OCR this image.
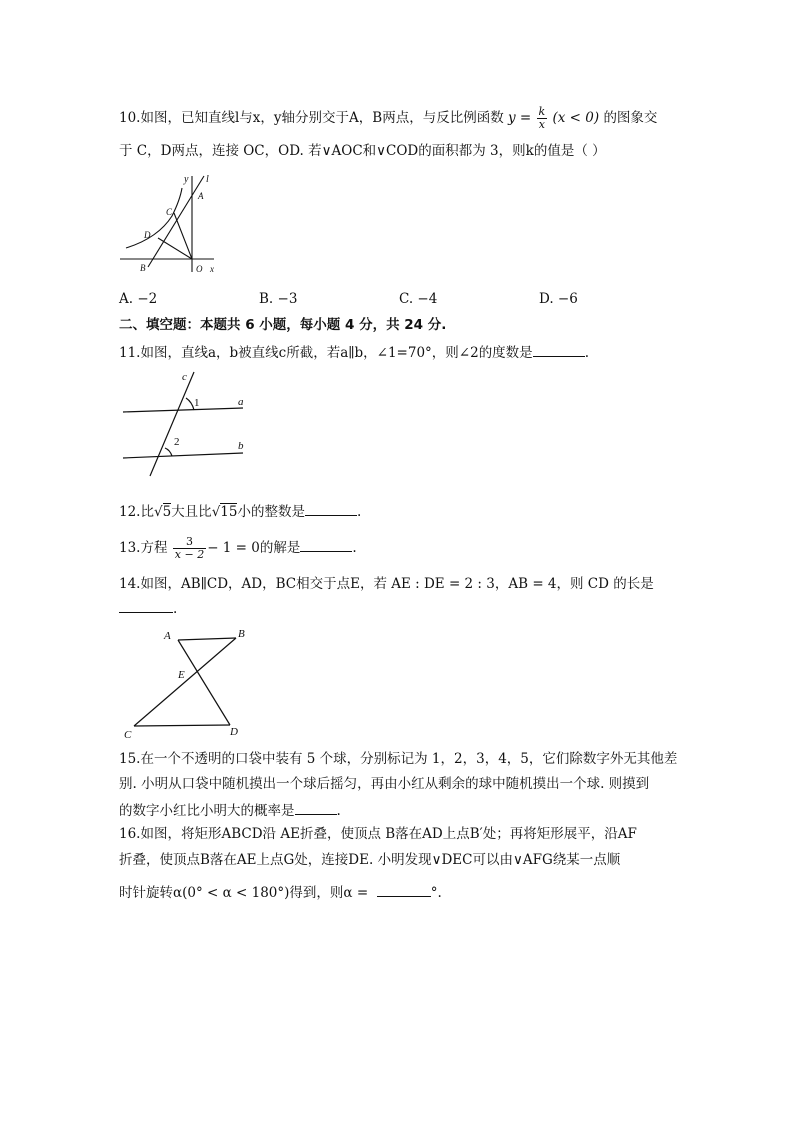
10.如图，已知直线l与x，y轴分别交于A，B两点，与反比例函数 $y = \frac{k}{x} (x < 0)$ 的图象交
于 C，D两点，连接 OC，OD. 若∨AOC和∨COD的面积都为 3，则k的值是（ ）
y l
A
C
D
B	O x
A. −2	B. −3	C. −4	D. −6
二、填空题：本题共 6 小题，每小题 4 分，共 24 分.
11.如图，直线a，b被直线c所截，若a∥b，∠1=70°，则∠2的度数是	.
c
1	a
2	b
12.比√5大且比√15小的整数是	.
13.方程 $\frac{3}{x - 2} - 1 = 0$的解是	.
14.如图，AB∥CD，AD，BC相交于点E，若 AE : DE = 2 : 3，AB = 4，则 CD 的长是
.
A	B
E
C	D
15.在一个不透明的口袋中装有 5 个球，分别标记为 1，2，3，4，5，它们除数字外无其他差
别. 小明从口袋中随机摸出一个球后摇匀，再由小红从剩余的球中随机摸出一个球. 则摸到
的数字小红比小明大的概率是	.
16.如图，将矩形ABCD沿 AE折叠，使顶点 B落在AD上点B′处；再将矩形展平，沿AF
折叠，使顶点B落在AE上点G处，连接DE. 小明发现∨DEC可以由∨AFG绕某一点顺
时针旋转α(0° < α < 180°)得到，则α =	°.
